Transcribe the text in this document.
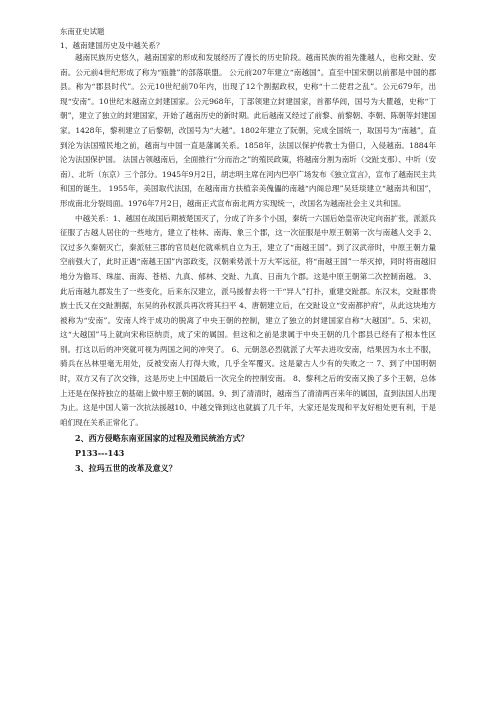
东南亚史试题

1、越南建国历史及中越关系？

越南民族历史悠久，越南国家的形成和发展经历了漫长的历史阶段。越南民族的祖先雒越人，也称交趾、安南。公元前4世纪形成了称为“瓯雒”的部落联盟。 公元前207年建立“南越国”。直至中国宋朝以前都是中国的郡县。称为“郡县时代”。公元10世纪前70年内，出现了12个割据政权，史称“十二使君之乱”。公元679年，出现“安南”。10世纪末越南立封建国家。公元968年，丁部领建立封建国家，首都华闾，国号为大瞿越，史称“丁朝”，建立了独立的封建国家，开始了越南历史的新时期。此后越南又经过了前黎、前黎朝、李朝、陈朝等封建国家。1428年，黎利建立了后黎朝，改国号为“大越”。1802年建立了阮朝，完成全国统一，取国号为“南越”，直到沦为法国殖民地之前，越南与中国一直是藩属关系。1858年，法国以保护传教士为借口，入侵越南。1884年沦为法国保护国。 法国占领越南后，全面推行“分而治之”的殖民政策，将越南分割为南圻（交趾支那）、中圻（安南）、北圻（东京）三个部分。1945年9月2日，胡志明主席在河内巴亭广场发布《独立宣言》，宣布了越南民主共和国的诞生。 1955年，美国取代法国，在越南南方扶植亲美傀儡的南越“内阁总理”吴廷琰建立“越南共和国”，形成南北分裂局面。1976年7月2日，越南正式宣布南北两方实现统一，改国名为越南社会主义共和国。

中越关系：1、越国在战国后期被楚国灭了，分成了许多个小国，秦统一六国后始皇帝决定向南扩张，派派兵征服了古越人居住的一些地方，建立了桂林、南海、象三个郡，这一次征服是中原王朝第一次与南越人交手 2、汉过多久秦朝灭亡，秦派驻三郡的官员赵佗就乘机自立为王，建立了“南越王国”。到了汉武帝时，中原王朝力量空前强大了，此时正遇“南越王国”内部政变，汉朝乘势派十万大军远征，将“南越王国”一举灭掉，同时将南越旧地分为儋耳、珠崖、南海、苍梧、九真、郁林、交趾、九真、日南九个郡。这是中原王朝第二次控制南越。 3、 此后南越九郡发生了一些变化，后来东汉建立，派马援督去将一干“异人”打扑，重建交趾郡。东汉末，交趾郡贵族士氏又在交趾割据，东吴的孙权派兵再次将其扫平 4、唐朝建立后，在交趾设立“安南都护府”，从此这块地方被称为“安南”。安南人终于成功的脱离了中央王朝的控制，建立了独立的封建国家自称“大越国”。5、宋初，这“大越国”马上就向宋称臣纳贡，成了宋的属国。但这和之前是隶属于中央王朝的几个郡县已经有了根本性区别。打这以后的冲突就可视为两国之间的冲突了。 6、元朝忽必烈就派了大军去进攻安南，结果因为水土不服，骑兵在丛林里毫无用处，反被安南人打得大败，几乎全军覆灭。这是蒙古人少有的失败之一 7、到了中国明朝时，双方又有了次交锋，这是历史上中国最后一次完全的控制安南。 8、黎利之后的安南又换了多个王朝，总体上还是在保持独立的基础上做中原王朝的属国。9、到了清清时，越南当了清清两百来年的属国，直到法国人出现为止。这是中国人第一次抗法援越10、中越交锋到这也就搞了几千年，大家还是发现和平友好相处更有利，于是咱们现在关系正常化了。

2、西方侵略东南亚国家的过程及殖民统治方式？

P133---143

3、拉玛五世的改革及意义？
